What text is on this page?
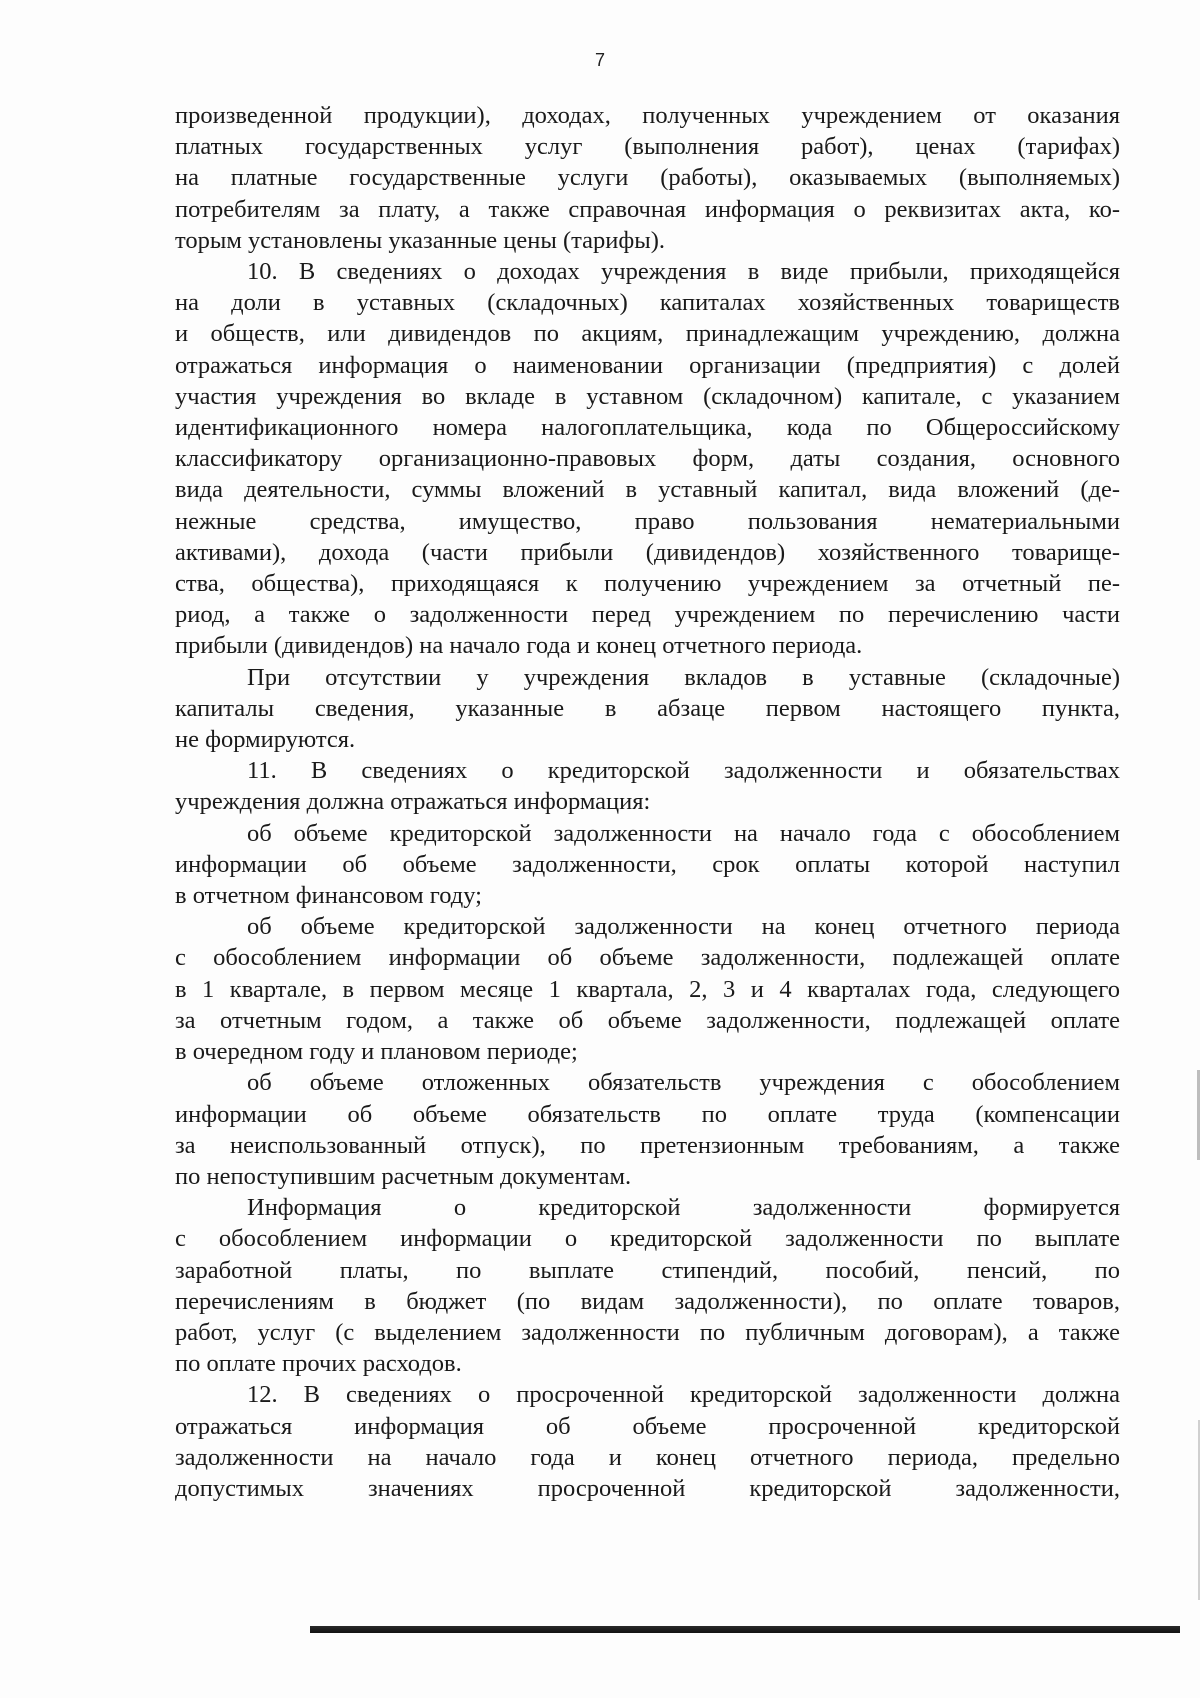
7
произведенной продукции), доходах, полученных учреждением от оказания
платных государственных услуг (выполнения работ), ценах (тарифах)
на платные государственные услуги (работы), оказываемых (выполняемых)
потребителям за плату, а также справочная информация о реквизитах акта, ко-
торым установлены указанные цены (тарифы).
10. В сведениях о доходах учреждения в виде прибыли, приходящейся
на доли в уставных (складочных) капиталах хозяйственных товариществ
и обществ, или дивидендов по акциям, принадлежащим учреждению, должна
отражаться информация о наименовании организации (предприятия) с долей
участия учреждения во вкладе в уставном (складочном) капитале, с указанием
идентификационного номера налогоплательщика, кода по Общероссийскому
классификатору организационно-правовых форм, даты создания, основного
вида деятельности, суммы вложений в уставный капитал, вида вложений (де-
нежные средства, имущество, право пользования нематериальными
активами), дохода (части прибыли (дивидендов) хозяйственного товарище-
ства, общества), приходящаяся к получению учреждением за отчетный пе-
риод, а также о задолженности перед учреждением по перечислению части
прибыли (дивидендов) на начало года и конец отчетного периода.
При отсутствии у учреждения вкладов в уставные (складочные)
капиталы сведения, указанные в абзаце первом настоящего пункта,
не формируются.
11. В сведениях о кредиторской задолженности и обязательствах
учреждения должна отражаться информация:
об объеме кредиторской задолженности на начало года с обособлением
информации об объеме задолженности, срок оплаты которой наступил
в отчетном финансовом году;
об объеме кредиторской задолженности на конец отчетного периода
с обособлением информации об объеме задолженности, подлежащей оплате
в 1 квартале, в первом месяце 1 квартала, 2, 3 и 4 кварталах года, следующего
за отчетным годом, а также об объеме задолженности, подлежащей оплате
в очередном году и плановом периоде;
об объеме отложенных обязательств учреждения с обособлением
информации об объеме обязательств по оплате труда (компенсации
за неиспользованный отпуск), по претензионным требованиям, а также
по непоступившим расчетным документам.
Информация о кредиторской задолженности формируется
с обособлением информации о кредиторской задолженности по выплате
заработной платы, по выплате стипендий, пособий, пенсий, по
перечислениям в бюджет (по видам задолженности), по оплате товаров,
работ, услуг (с выделением задолженности по публичным договорам), а также
по оплате прочих расходов.
12. В сведениях о просроченной кредиторской задолженности должна
отражаться информация об объеме просроченной кредиторской
задолженности на начало года и конец отчетного периода, предельно
допустимых значениях просроченной кредиторской задолженности,
